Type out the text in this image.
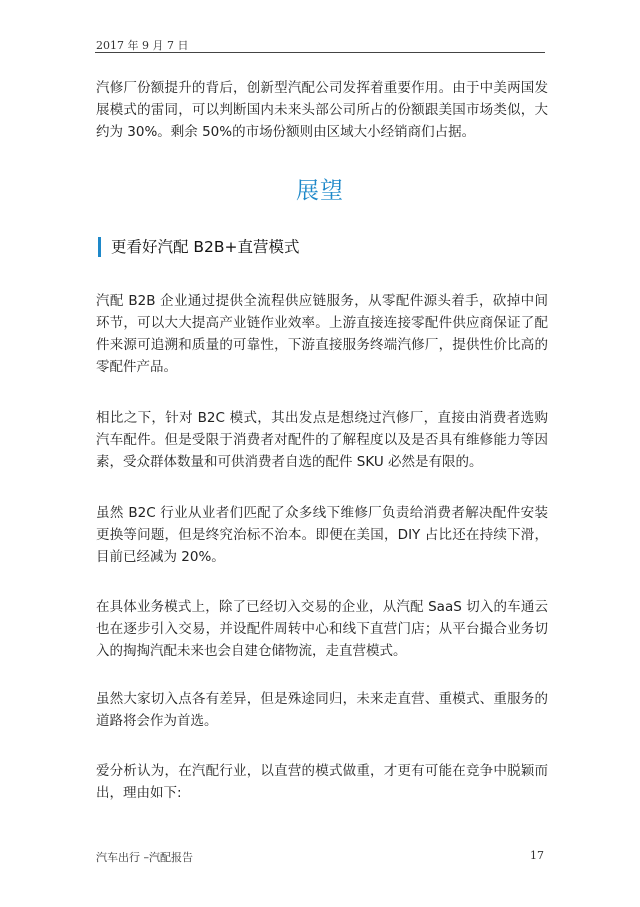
2017 年 9 月 7 日

汽修厂份额提升的背后，创新型汽配公司发挥着重要作用。由于中美两国发展模式的雷同，可以判断国内未来头部公司所占的份额跟美国市场类似，大约为 30%。剩余 50%的市场份额则由区域大小经销商们占据。

展望
更看好汽配 B2B+直营模式

汽配 B2B 企业通过提供全流程供应链服务，从零配件源头着手，砍掉中间环节，可以大大提高产业链作业效率。上游直接连接零配件供应商保证了配件来源可追溯和质量的可靠性，下游直接服务终端汽修厂，提供性价比高的零配件产品。

相比之下，针对 B2C 模式，其出发点是想绕过汽修厂，直接由消费者选购汽车配件。但是受限于消费者对配件的了解程度以及是否具有维修能力等因素，受众群体数量和可供消费者自选的配件 SKU 必然是有限的。

虽然 B2C 行业从业者们匹配了众多线下维修厂负责给消费者解决配件安装更换等问题，但是终究治标不治本。即便在美国，DIY 占比还在持续下滑，目前已经减为 20%。

在具体业务模式上，除了已经切入交易的企业，从汽配 SaaS 切入的车通云也在逐步引入交易，并设配件周转中心和线下直营门店；从平台撮合业务切入的掏掏汽配未来也会自建仓储物流，走直营模式。

虽然大家切入点各有差异，但是殊途同归，未来走直营、重模式、重服务的道路将会作为首选。

爱分析认为，在汽配行业，以直营的模式做重，才更有可能在竞争中脱颖而出，理由如下:

汽车出行 –汽配报告	17
